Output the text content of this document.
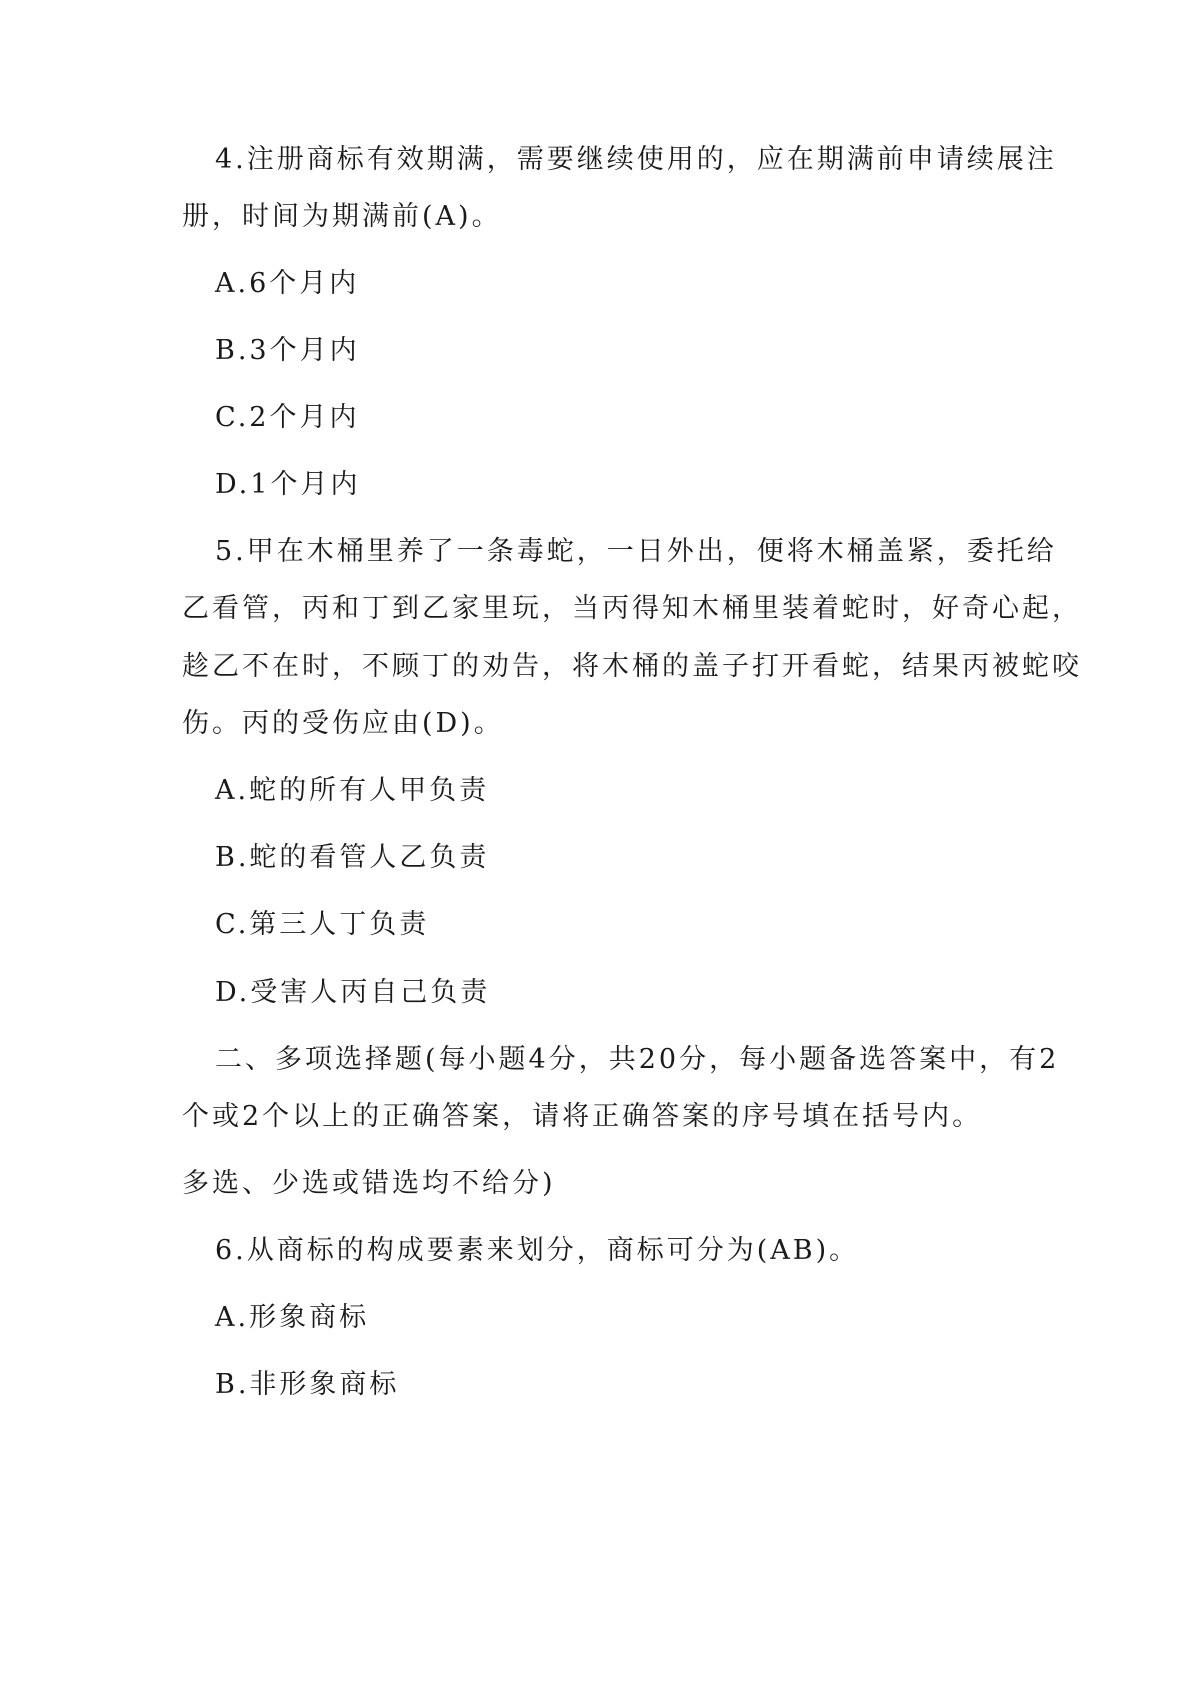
4.注册商标有效期满，需要继续使用的，应在期满前申请续展注
册，时间为期满前(A)。
A.6个月内
B.3个月内
C.2个月内
D.1个月内
5.甲在木桶里养了一条毒蛇，一日外出，便将木桶盖紧，委托给
乙看管，丙和丁到乙家里玩，当丙得知木桶里装着蛇时，好奇心起，
趁乙不在时，不顾丁的劝告，将木桶的盖子打开看蛇，结果丙被蛇咬
伤。丙的受伤应由(D)。
A.蛇的所有人甲负责
B.蛇的看管人乙负责
C.第三人丁负责
D.受害人丙自己负责
二、多项选择题(每小题4分，共20分，每小题备选答案中，有2
个或2个以上的正确答案，请将正确答案的序号填在括号内。
多选、少选或错选均不给分)
6.从商标的构成要素来划分，商标可分为(AB)。
A.形象商标
B.非形象商标
